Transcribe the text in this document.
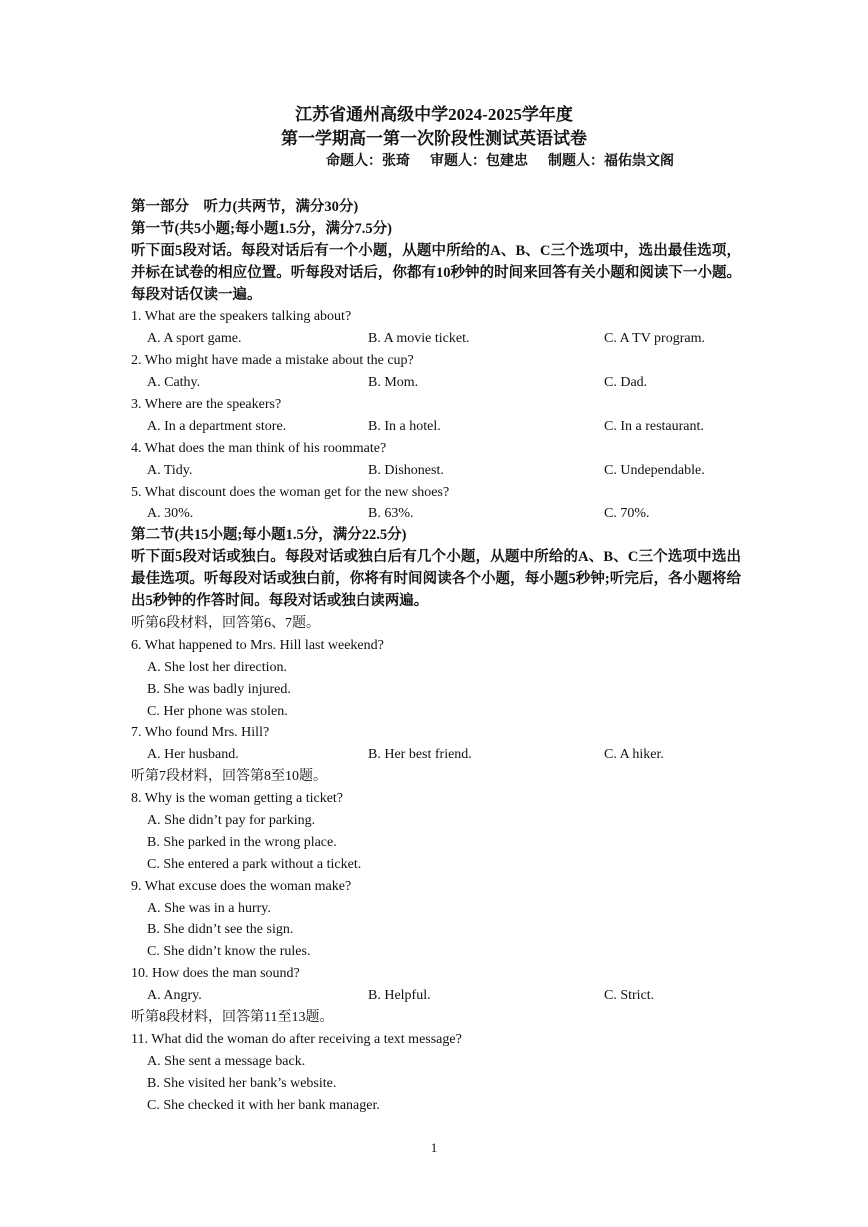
江苏省通州高级中学2024-2025学年度
第一学期高一第一次阶段性测试英语试卷
命题人：张琦 审题人：包建忠 制题人：福佑祟文阁
第一部分　听力(共两节，满分30分)
第一节(共5小题;每小题1.5分，满分7.5分)
听下面5段对话。每段对话后有一个小题，从题中所给的A、B、C三个选项中，选出最佳选项，并标在试卷的相应位置。听每段对话后，你都有10秒钟的时间来回答有关小题和阅读下一小题。每段对话仅读一遍。
1. What are the speakers talking about?
A. A sport game.	B. A movie ticket.	C. A TV program.
2. Who might have made a mistake about the cup?
A. Cathy.	B. Mom.	C. Dad.
3. Where are the speakers?
A. In a department store.	B. In a hotel.	C. In a restaurant.
4. What does the man think of his roommate?
A. Tidy.	B. Dishonest.	C. Undependable.
5. What discount does the woman get for the new shoes?
A. 30%.	B. 63%.	C. 70%.
第二节(共15小题;每小题1.5分，满分22.5分)
听下面5段对话或独白。每段对话或独白后有几个小题，从题中所给的A、B、C三个选项中选出最佳选项。听每段对话或独白前，你将有时间阅读各个小题，每小题5秒钟;听完后，各小题将给出5秒钟的作答时间。每段对话或独白读两遍。
听第6段材料，回答第6、7题。
6. What happened to Mrs. Hill last weekend?
A. She lost her direction.
B. She was badly injured.
C. Her phone was stolen.
7. Who found Mrs. Hill?
A. Her husband.	B. Her best friend.	C. A hiker.
听第7段材料，回答第8至10题。
8. Why is the woman getting a ticket?
A. She didn’t pay for parking.
B. She parked in the wrong place.
C. She entered a park without a ticket.
9. What excuse does the woman make?
A. She was in a hurry.
B. She didn’t see the sign.
C. She didn’t know the rules.
10. How does the man sound?
A. Angry.	B. Helpful.	C. Strict.
听第8段材料，回答第11至13题。
11. What did the woman do after receiving a text message?
A. She sent a message back.
B. She visited her bank’s website.
C. She checked it with her bank manager.
1
